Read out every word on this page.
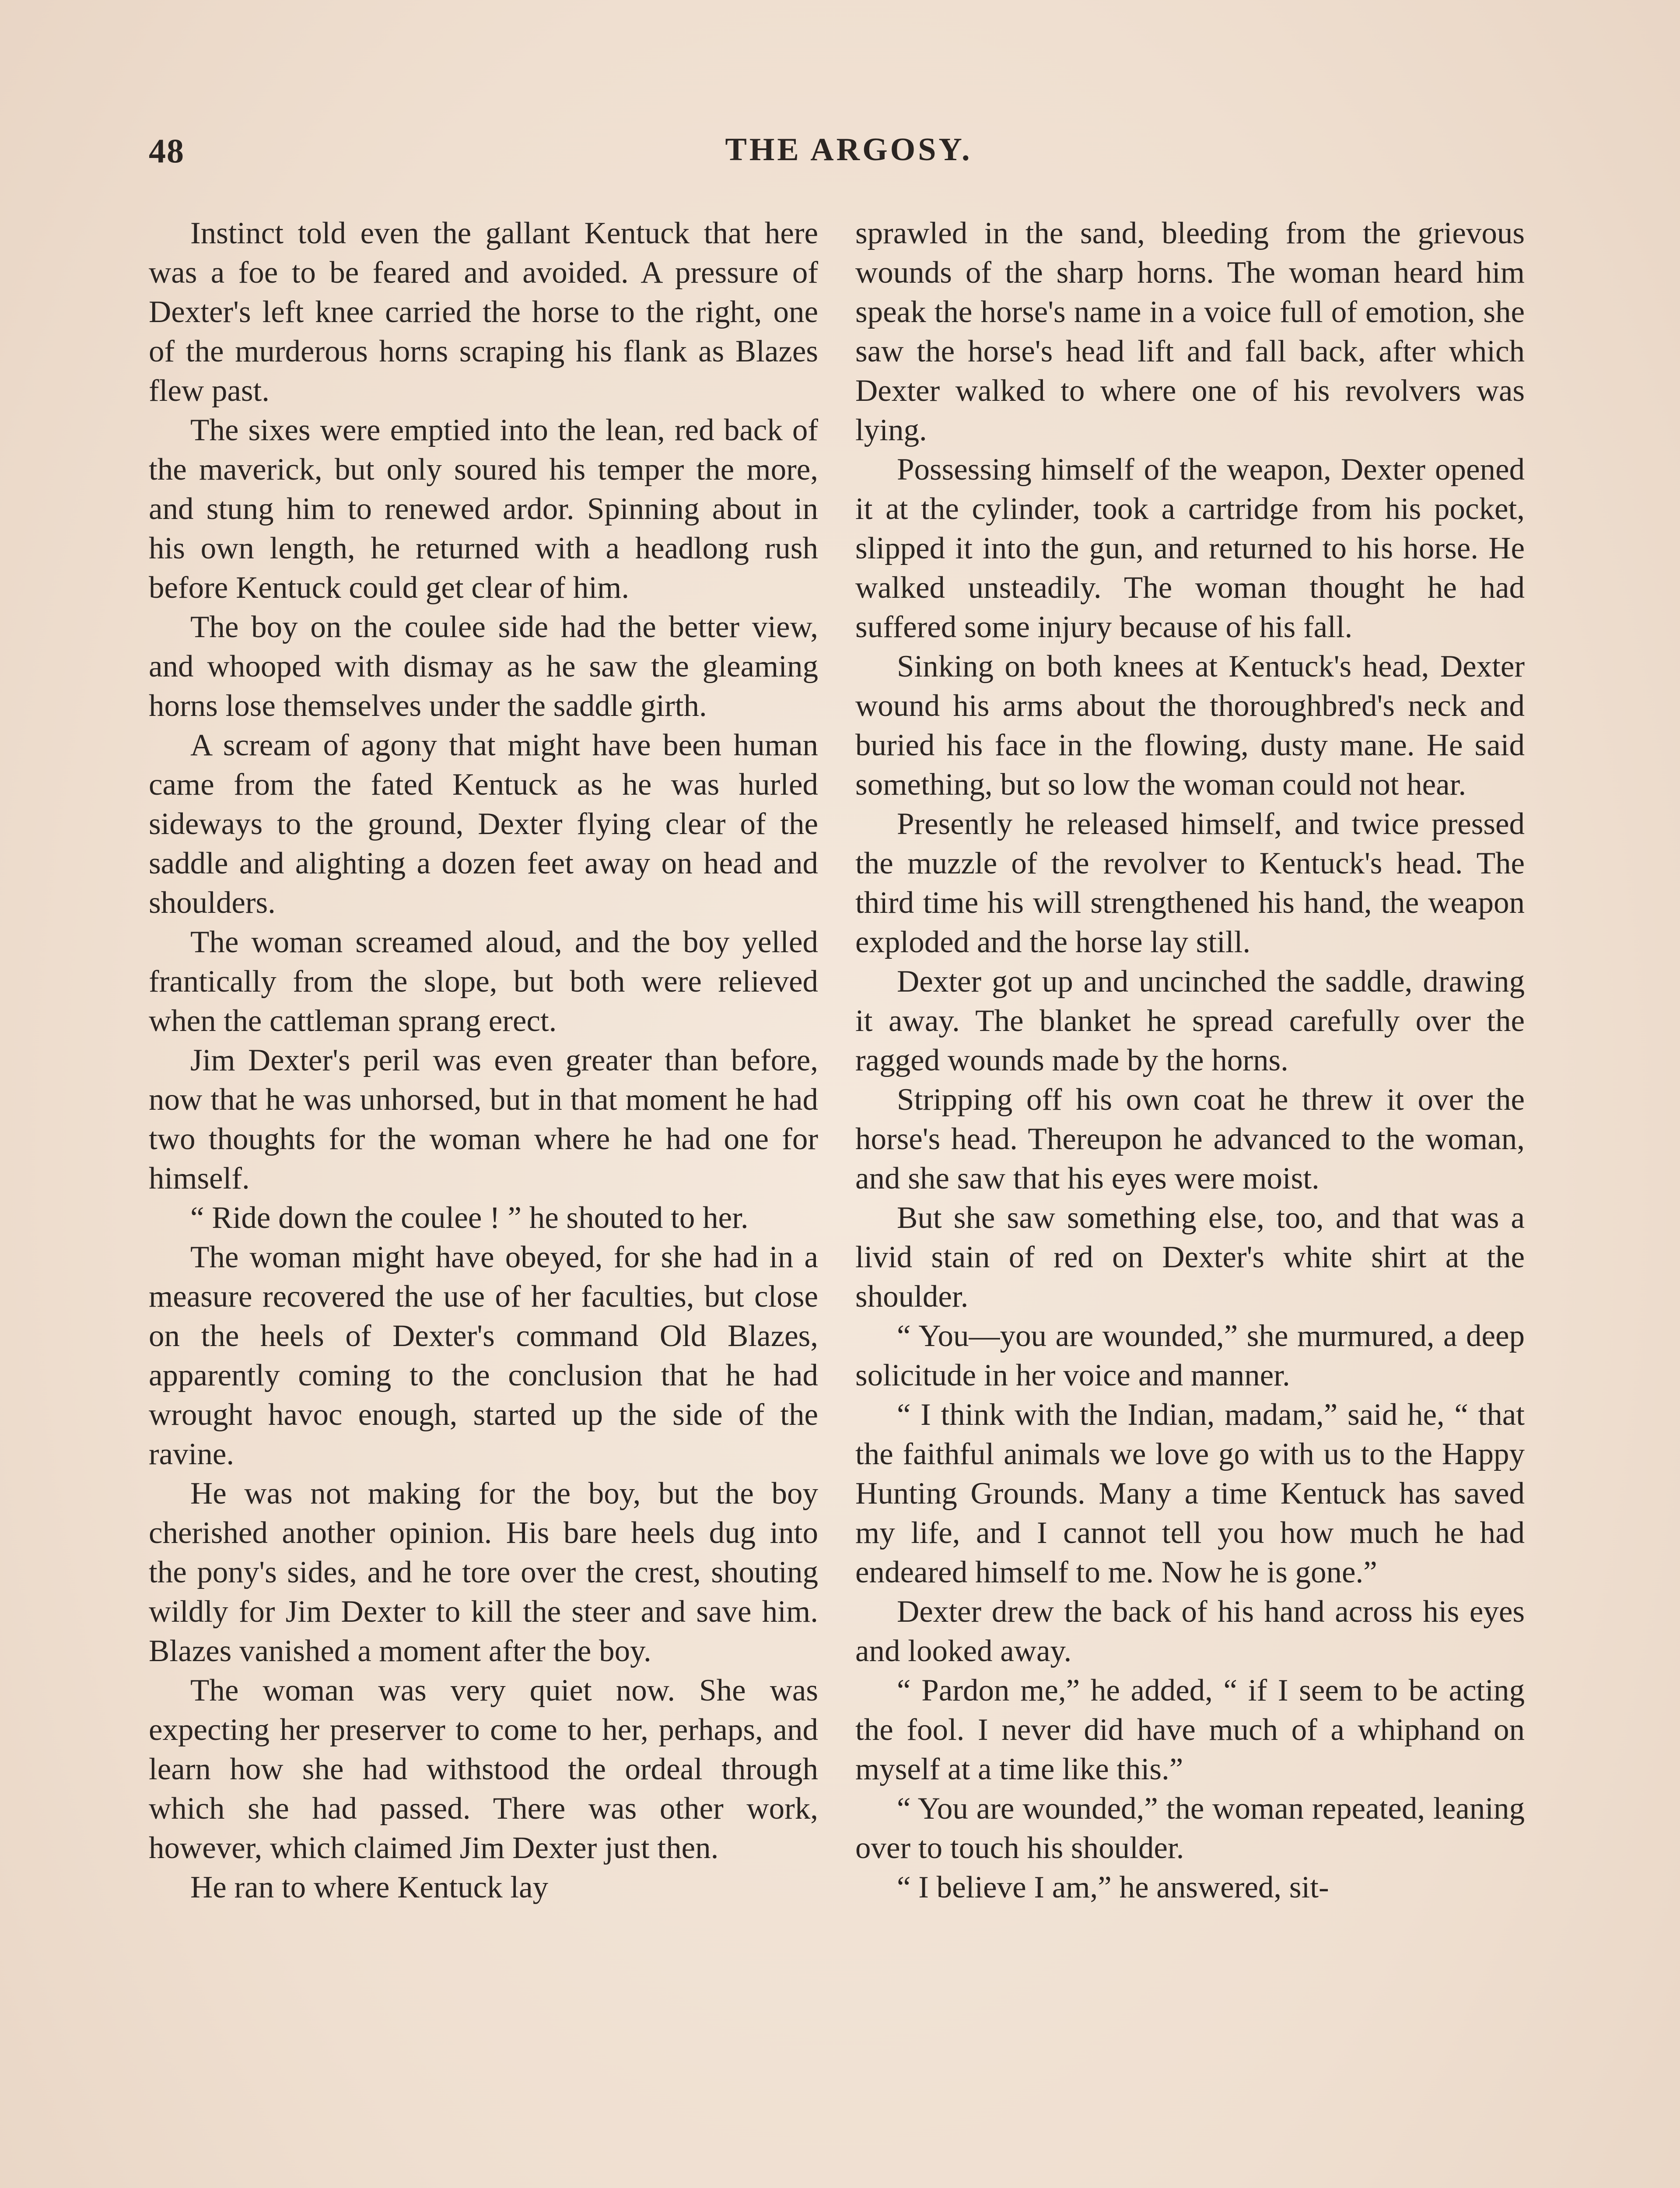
48	THE ARGOSY.

Instinct told even the gallant Kentuck that here was a foe to be feared and avoided. A pressure of Dexter's left knee carried the horse to the right, one of the murderous horns scraping his flank as Blazes flew past.

The sixes were emptied into the lean, red back of the maverick, but only soured his temper the more, and stung him to renewed ardor. Spinning about in his own length, he returned with a headlong rush before Kentuck could get clear of him.

The boy on the coulee side had the better view, and whooped with dismay as he saw the gleaming horns lose themselves under the saddle girth.

A scream of agony that might have been human came from the fated Kentuck as he was hurled sideways to the ground, Dexter flying clear of the saddle and alighting a dozen feet away on head and shoulders.

The woman screamed aloud, and the boy yelled frantically from the slope, but both were relieved when the cattleman sprang erect.

Jim Dexter's peril was even greater than before, now that he was unhorsed, but in that moment he had two thoughts for the woman where he had one for himself.

“ Ride down the coulee ! ” he shouted to her.

The woman might have obeyed, for she had in a measure recovered the use of her faculties, but close on the heels of Dexter's command Old Blazes, apparently coming to the conclusion that he had wrought havoc enough, started up the side of the ravine.

He was not making for the boy, but the boy cherished another opinion. His bare heels dug into the pony's sides, and he tore over the crest, shouting wildly for Jim Dexter to kill the steer and save him. Blazes vanished a moment after the boy.

The woman was very quiet now. She was expecting her preserver to come to her, perhaps, and learn how she had withstood the ordeal through which she had passed. There was other work, however, which claimed Jim Dexter just then.

He ran to where Kentuck lay

sprawled in the sand, bleeding from the grievous wounds of the sharp horns. The woman heard him speak the horse's name in a voice full of emotion, she saw the horse's head lift and fall back, after which Dexter walked to where one of his revolvers was lying.

Possessing himself of the weapon, Dexter opened it at the cylinder, took a cartridge from his pocket, slipped it into the gun, and returned to his horse. He walked unsteadily. The woman thought he had suffered some injury because of his fall.

Sinking on both knees at Kentuck's head, Dexter wound his arms about the thoroughbred's neck and buried his face in the flowing, dusty mane. He said something, but so low the woman could not hear.

Presently he released himself, and twice pressed the muzzle of the revolver to Kentuck's head. The third time his will strengthened his hand, the weapon exploded and the horse lay still.

Dexter got up and uncinched the saddle, drawing it away. The blanket he spread carefully over the ragged wounds made by the horns.

Stripping off his own coat he threw it over the horse's head. Thereupon he advanced to the woman, and she saw that his eyes were moist.

But she saw something else, too, and that was a livid stain of red on Dexter's white shirt at the shoulder.

“ You—you are wounded,” she murmured, a deep solicitude in her voice and manner.

“ I think with the Indian, madam,” said he, “ that the faithful animals we love go with us to the Happy Hunting Grounds. Many a time Kentuck has saved my life, and I cannot tell you how much he had endeared himself to me. Now he is gone.”

Dexter drew the back of his hand across his eyes and looked away.

“ Pardon me,” he added, “ if I seem to be acting the fool. I never did have much of a whiphand on myself at a time like this.”

“ You are wounded,” the woman repeated, leaning over to touch his shoulder.

“ I believe I am,” he answered, sit-
